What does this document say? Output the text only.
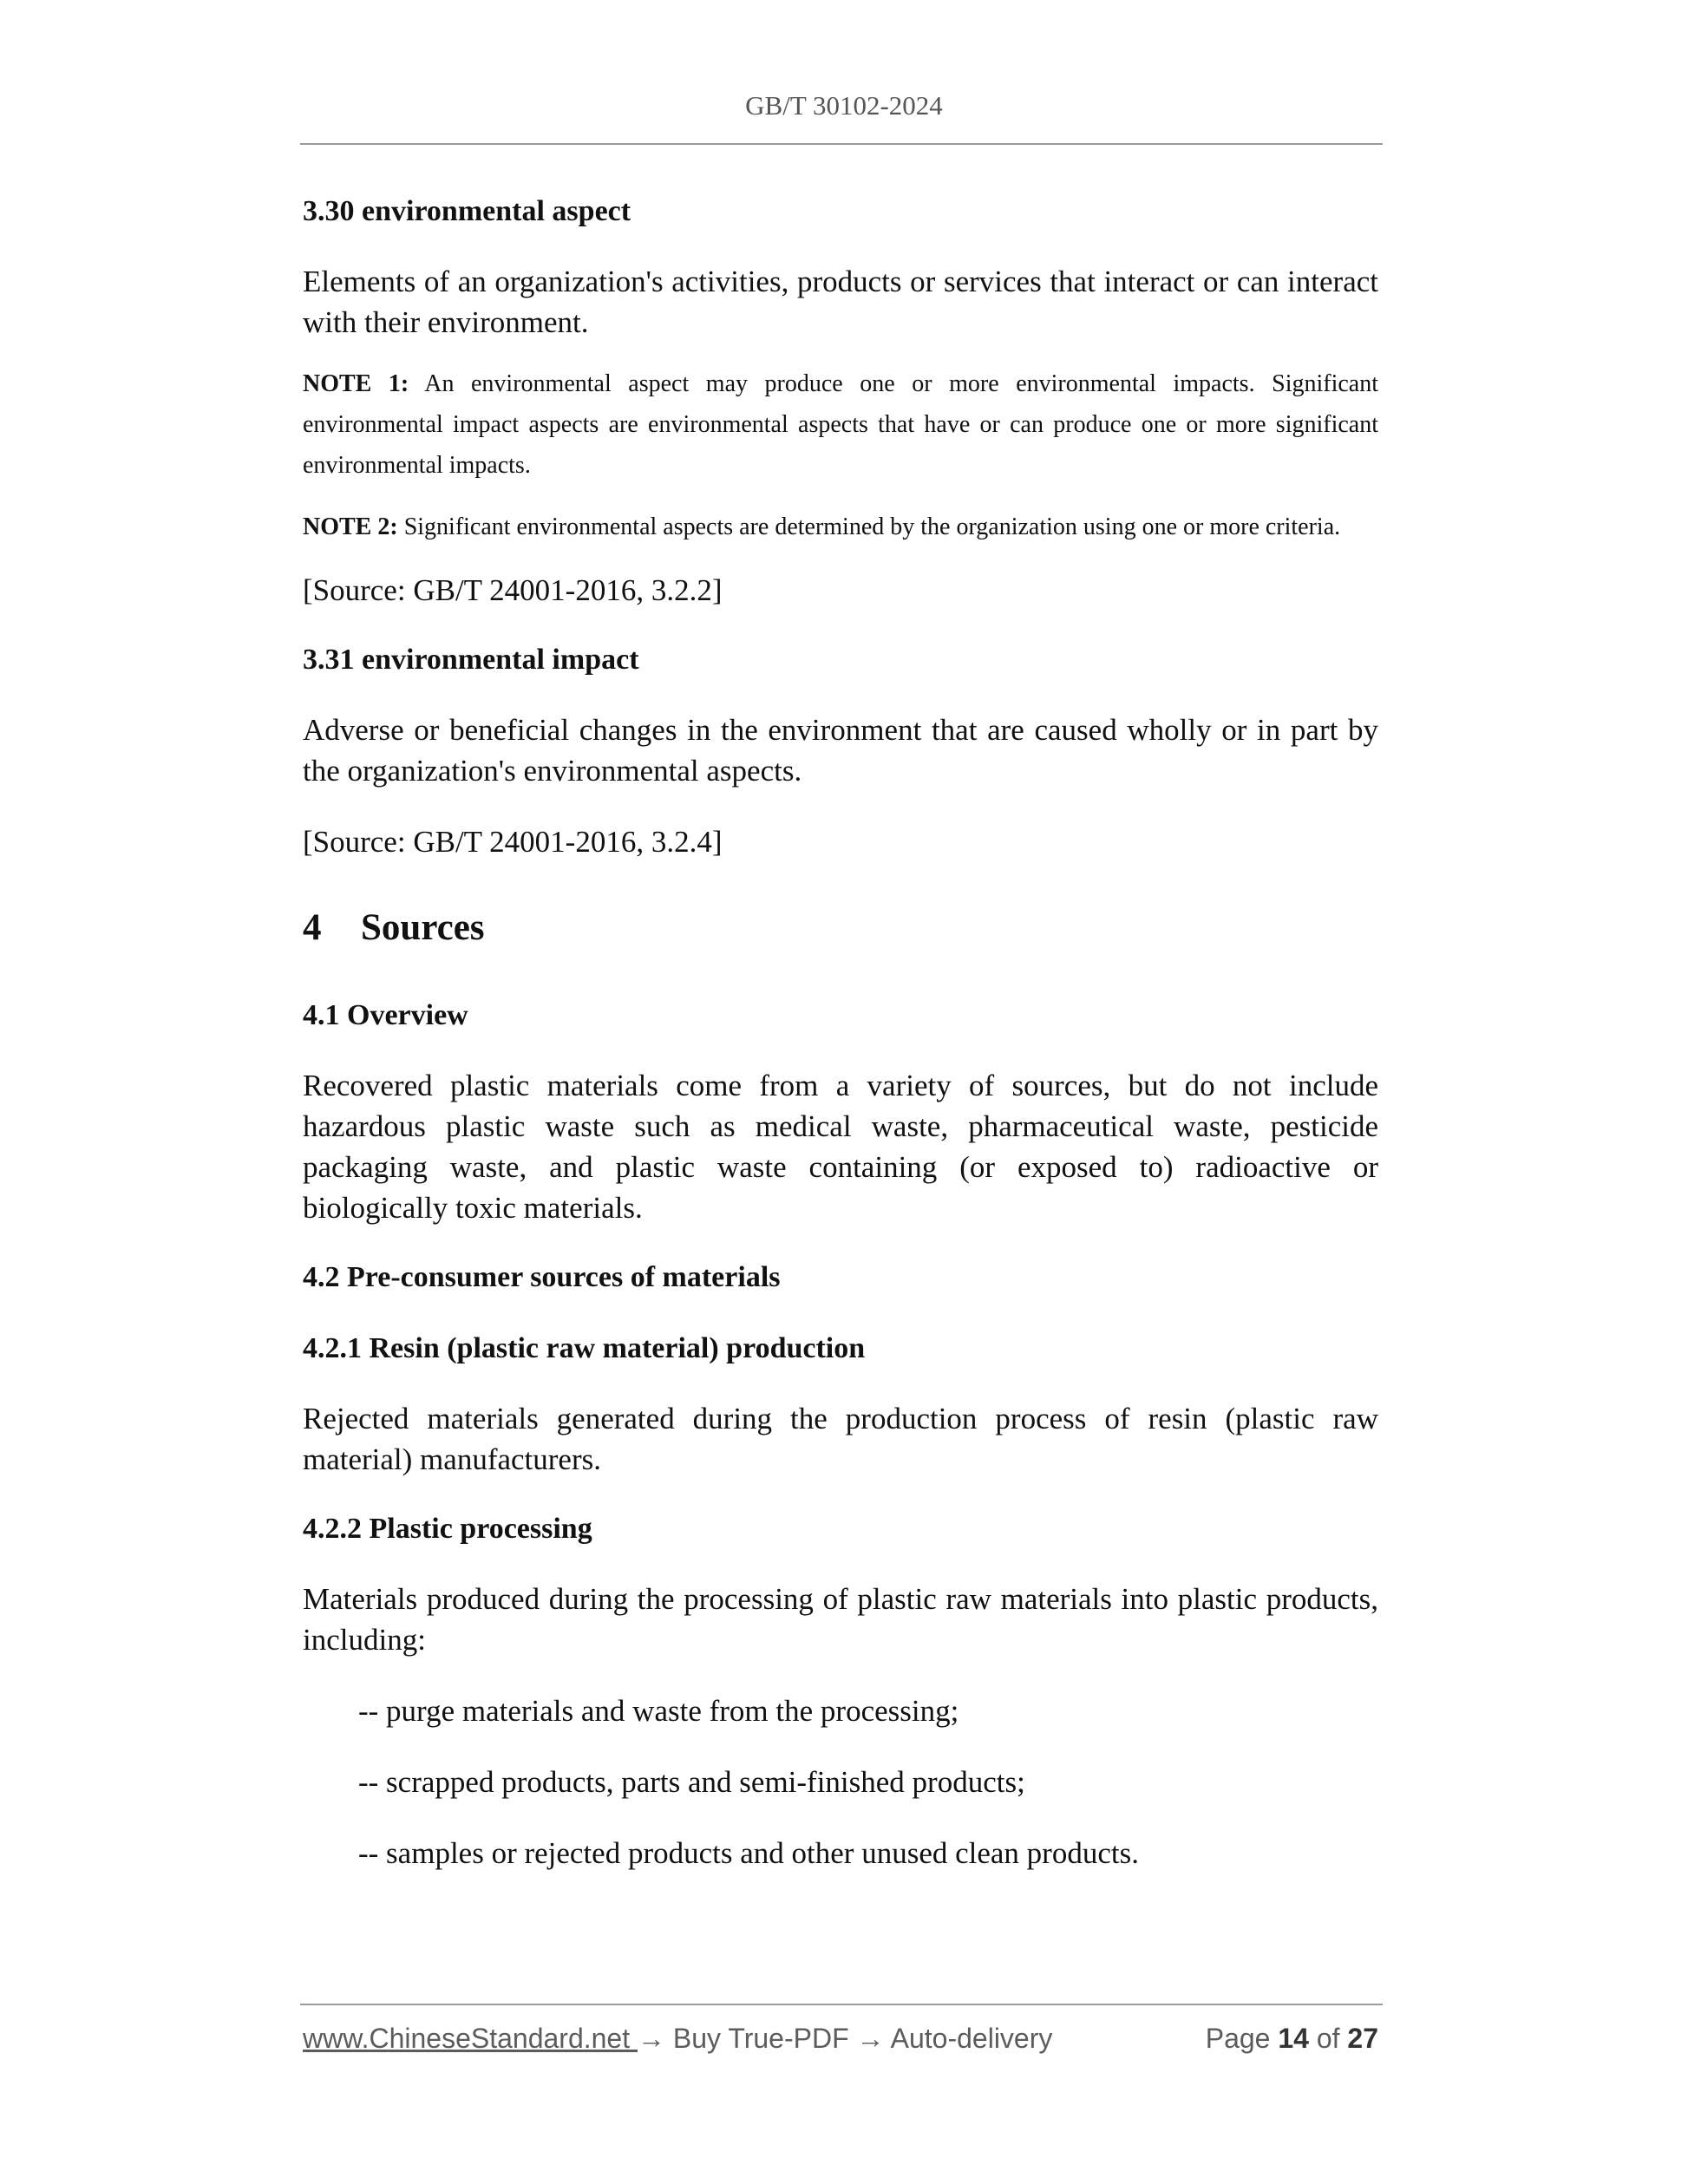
GB/T 30102-2024

3.30 environmental aspect

Elements of an organization's activities, products or services that interact or can interact with their environment.

NOTE 1: An environmental aspect may produce one or more environmental impacts. Significant environmental impact aspects are environmental aspects that have or can produce one or more significant environmental impacts.

NOTE 2: Significant environmental aspects are determined by the organization using one or more criteria.

[Source: GB/T 24001-2016, 3.2.2]

3.31 environmental impact

Adverse or beneficial changes in the environment that are caused wholly or in part by the organization's environmental aspects.

[Source: GB/T 24001-2016, 3.2.4]

4 Sources

4.1 Overview

Recovered plastic materials come from a variety of sources, but do not include hazardous plastic waste such as medical waste, pharmaceutical waste, pesticide packaging waste, and plastic waste containing (or exposed to) radioactive or biologically toxic materials.

4.2 Pre-consumer sources of materials

4.2.1 Resin (plastic raw material) production

Rejected materials generated during the production process of resin (plastic raw material) manufacturers.

4.2.2 Plastic processing

Materials produced during the processing of plastic raw materials into plastic products, including:

-- purge materials and waste from the processing;

-- scrapped products, parts and semi-finished products;

-- samples or rejected products and other unused clean products.

www.ChineseStandard.net → Buy True-PDF → Auto-delivery	Page 14 of 27
